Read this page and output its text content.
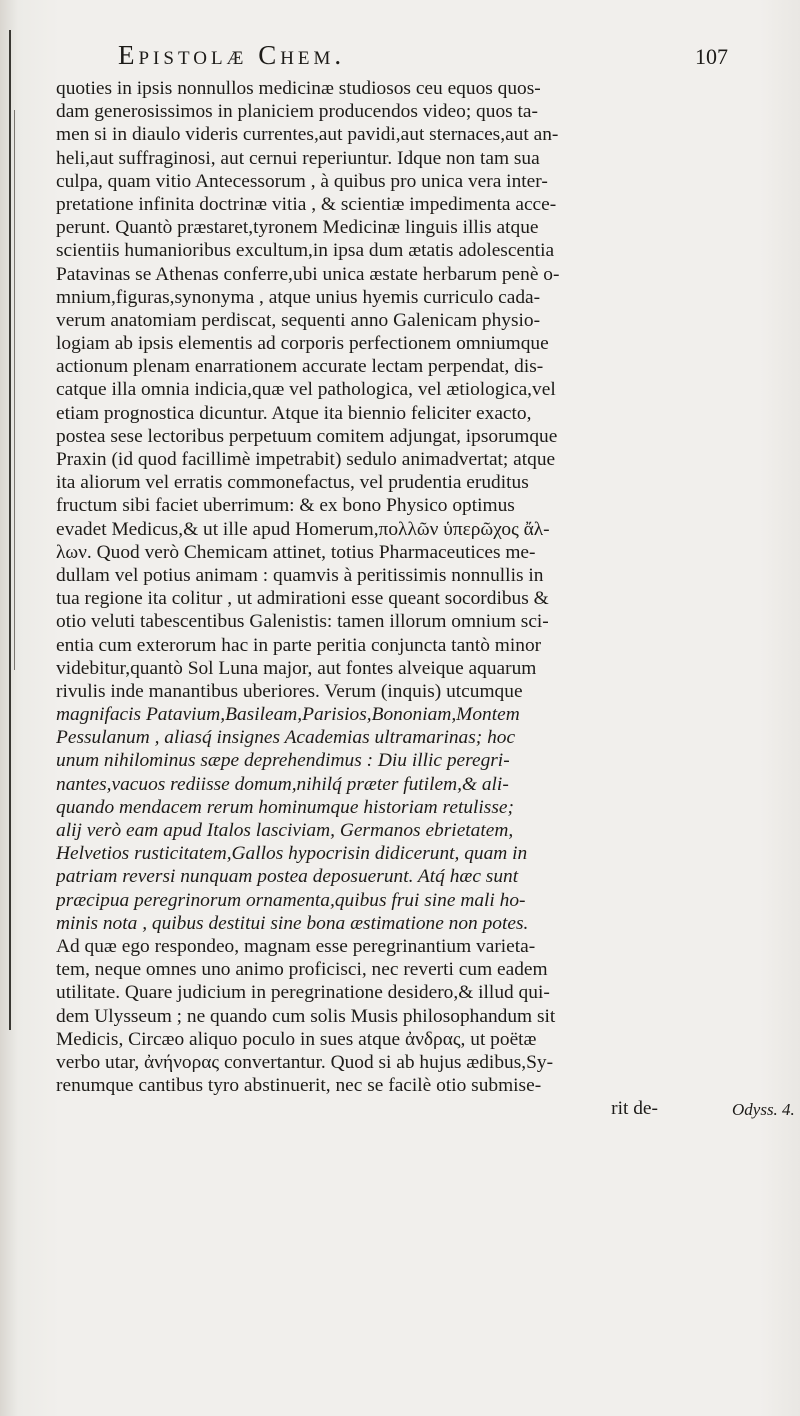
Epistolæ Chem.	107
quoties in ipsis nonnullos medicinæ studiosos ceu equos quos-
dam generosissimos in planiciem producendos video; quos ta-
men si in diaulo videris currentes,aut pavidi,aut sternaces,aut an-
heli,aut suffraginosi, aut cernui reperiuntur. Idque non tam sua
culpa, quam vitio Antecessorum , à quibus pro unica vera inter-
pretatione infinita doctrinæ vitia , & scientiæ impedimenta acce-
perunt. Quantò præstaret,tyronem Medicinæ linguis illis atque
scientiis humanioribus excultum,in ipsa dum ætatis adolescentia
Patavinas se Athenas conferre,ubi unica æstate herbarum penè o-
mnium,figuras,synonyma , atque unius hyemis curriculo cada-
verum anatomiam perdiscat, sequenti anno Galenicam physio-
logiam ab ipsis elementis ad corporis perfectionem omniumque
actionum plenam enarrationem accurate lectam perpendat, dis-
catque illa omnia indicia,quæ vel pathologica, vel ætiologica,vel
etiam prognostica dicuntur. Atque ita biennio feliciter exacto,
postea sese lectoribus perpetuum comitem adjungat, ipsorumque
Praxin (id quod facillimè impetrabit) sedulo animadvertat; atque
ita aliorum vel erratis commonefactus, vel prudentia eruditus
fructum sibi faciet uberrimum: & ex bono Physico optimus
evadet Medicus,& ut ille apud Homerum,πολλῶν ὑπερῶχος ἄλ-
λων. Quod verò Chemicam attinet, totius Pharmaceutices me-
dullam vel potius animam : quamvis à peritissimis nonnullis in
tua regione ita colitur , ut admirationi esse queant socordibus &
otio veluti tabescentibus Galenistis: tamen illorum omnium sci-
entia cum exterorum hac in parte peritia conjuncta tantò minor
videbitur,quantò Sol Luna major, aut fontes alveique aquarum
rivulis inde manantibus uberiores. Verum (inquis) utcumque
magnifacis Patavium,Basileam,Parisios,Bononiam,Montem
Pessulanum , aliasq́ insignes Academias ultramarinas; hoc
unum nihilominus sæpe deprehendimus : Diu illic peregri-
nantes,vacuos rediisse domum,nihilq́ præter futilem,& ali-
quando mendacem rerum hominumque historiam retulisse;
alij verò eam apud Italos lasciviam, Germanos ebrietatem,
Helvetios rusticitatem,Gallos hypocrisin didicerunt, quam in
patriam reversi nunquam postea deposuerunt. Atq́ hæc sunt
præcipua peregrinorum ornamenta,quibus frui sine mali ho-
minis nota , quibus destitui sine bona æstimatione non potes.
Ad quæ ego respondeo, magnam esse peregrinantium varieta-
tem, neque omnes uno animo proficisci, nec reverti cum eadem
utilitate. Quare judicium in peregrinatione desidero,& illud qui-
dem Ulysseum ; ne quando cum solis Musis philosophandum sit
Medicis, Circæo aliquo poculo in sues atque ἀνδρας, ut poëtæ
verbo utar, ἀνήνορας convertantur. Quod si ab hujus ædibus,Sy-
renumque cantibus tyro abstinuerit, nec se facilè otio submise-
rit de-	Odyss. 4.
